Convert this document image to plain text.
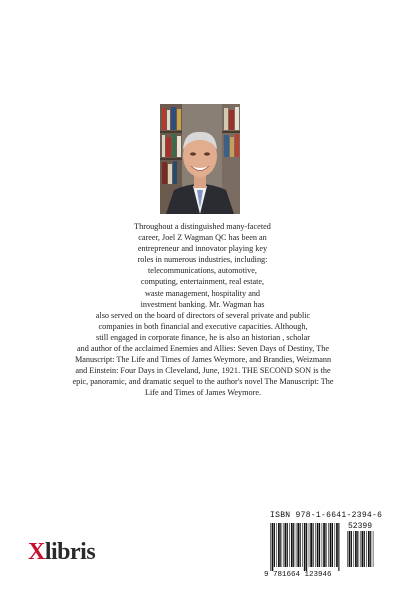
Throughout a distinguished many-faceted
career, Joel Z Wagman QC has been an
entrepreneur and innovator playing key
roles in numerous industries, including:
telecommunications, automotive,
computing, entertainment, real estate,
waste management, hospitality and
investment banking. Mr. Wagman has
also served on the board of directors of several private and public
companies in both financial and executive capacities. Although,
still engaged in corporate finance, he is also an historian , scholar
and author of the acclaimed Enemies and Allies: Seven Days of Destiny, The
Manuscript: The Life and Times of James Weymore, and Brandies, Weizmann
and Einstein: Four Days in Cleveland, June, 1921. THE SECOND SON is the
epic, panoramic, and dramatic sequel to the author's novel The Manuscript: The
Life and Times of James Weymore.
Xlibris
ISBN 978-1-6641-2394-6
52399
9 781664 123946
